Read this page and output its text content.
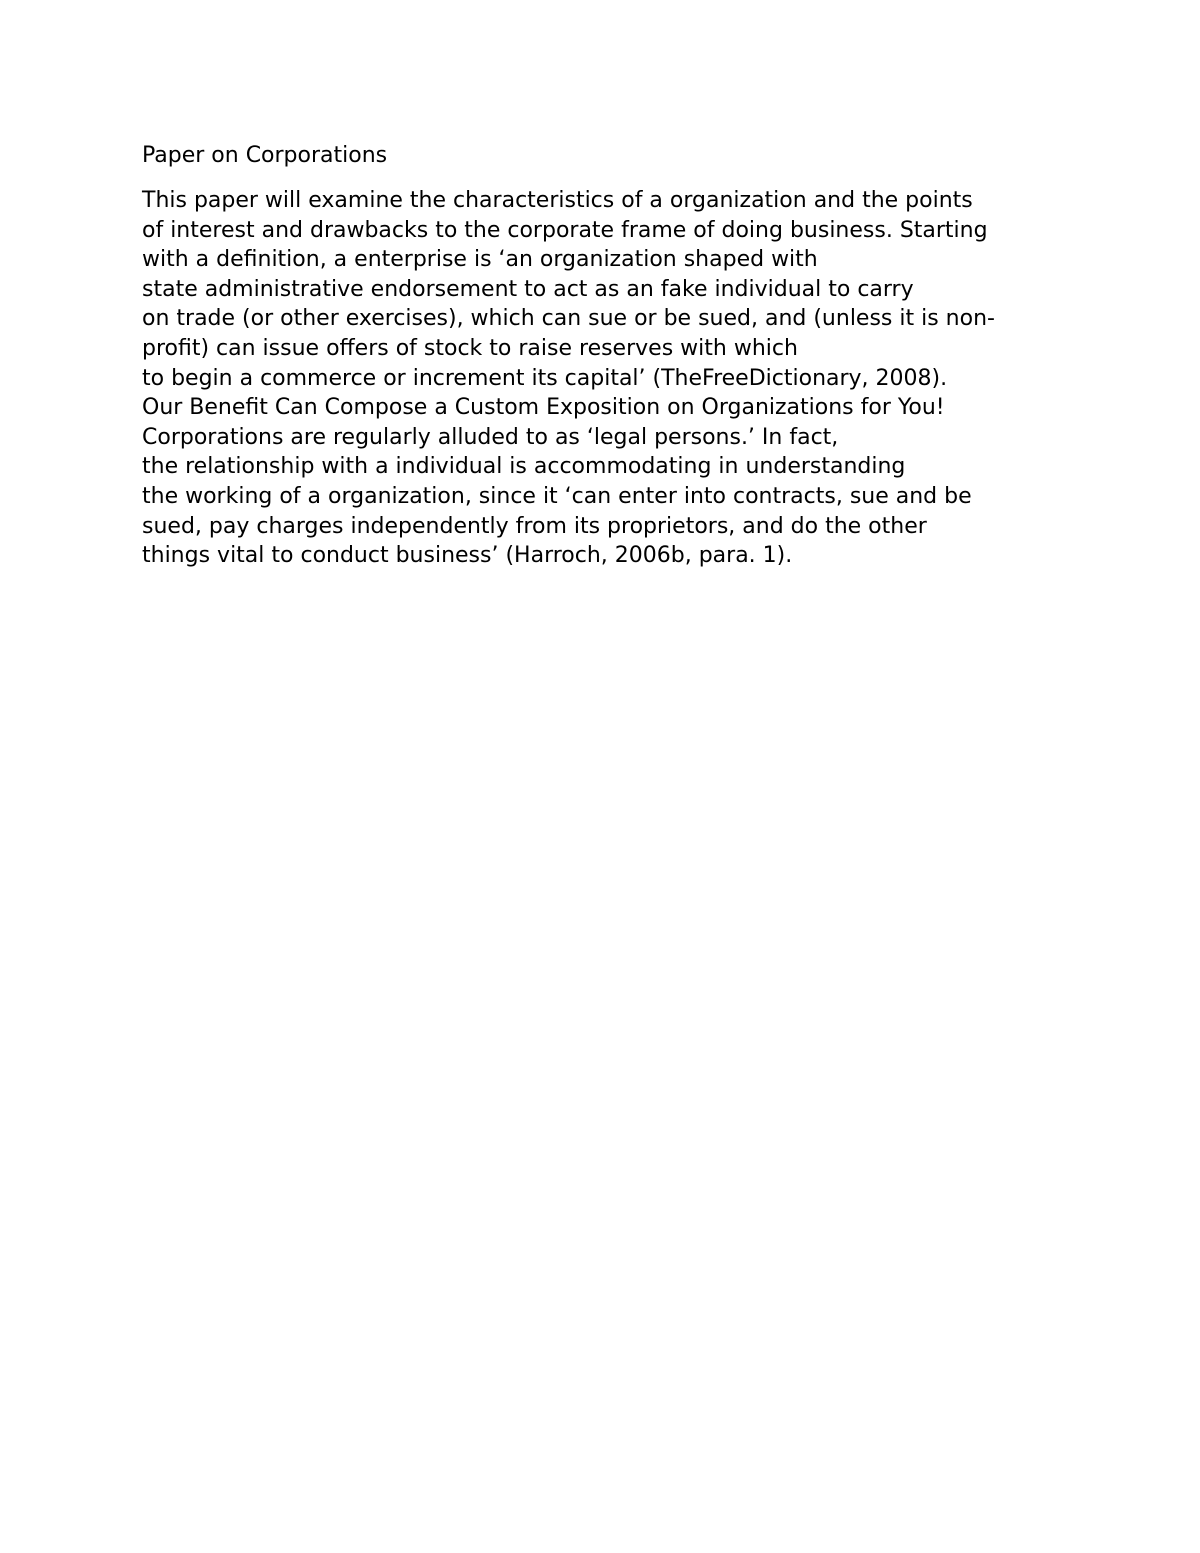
Paper on Corporations
This paper will examine the characteristics of a organization and the points
of interest and drawbacks to the corporate frame of doing business. Starting
with a definition, a enterprise is ‘an organization shaped with
state administrative endorsement to act as an fake individual to carry
on trade (or other exercises), which can sue or be sued, and (unless it is non-
profit) can issue offers of stock to raise reserves with which
to begin a commerce or increment its capital’ (TheFreeDictionary, 2008).
Our Benefit Can Compose a Custom Exposition on Organizations for You!
Corporations are regularly alluded to as ‘legal persons.’ In fact,
the relationship with a individual is accommodating in understanding
the working of a organization, since it ‘can enter into contracts, sue and be
sued, pay charges independently from its proprietors, and do the other
things vital to conduct business’ (Harroch, 2006b, para. 1).
